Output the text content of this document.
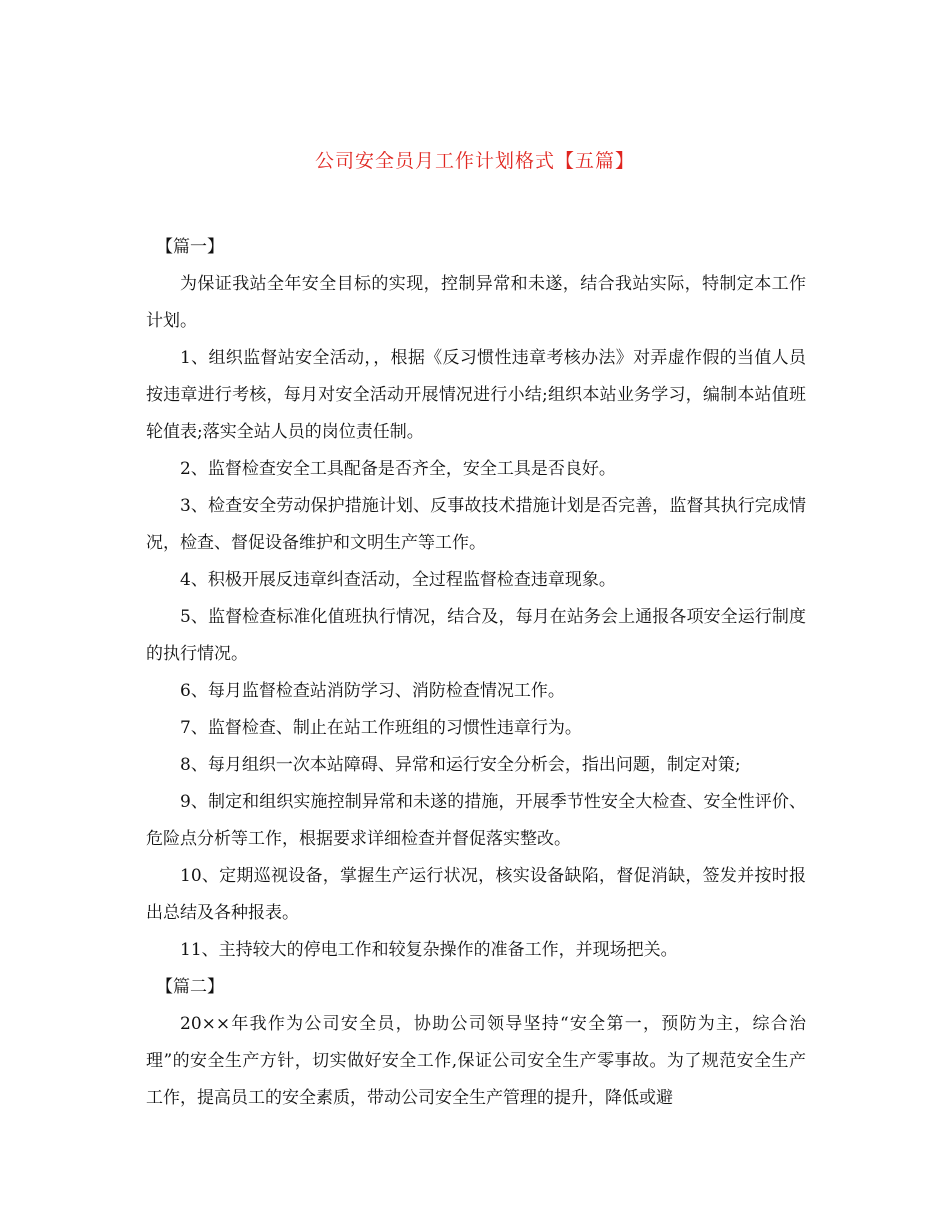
公司安全员月工作计划格式【五篇】

【篇一】

为保证我站全年安全目标的实现，控制异常和未遂，结合我站实际，特制定本工作计划。

1、组织监督站安全活动，，根据《反习惯性违章考核办法》对弄虚作假的当值人员按违章进行考核，每月对安全活动开展情况进行小结;组织本站业务学习，编制本站值班轮值表;落实全站人员的岗位责任制。

2、监督检查安全工具配备是否齐全，安全工具是否良好。

3、检查安全劳动保护措施计划、反事故技术措施计划是否完善，监督其执行完成情况，检查、督促设备维护和文明生产等工作。

4、积极开展反违章纠查活动，全过程监督检查违章现象。

5、监督检查标准化值班执行情况，结合及，每月在站务会上通报各项安全运行制度的执行情况。

6、每月监督检查站消防学习、消防检查情况工作。

7、监督检查、制止在站工作班组的习惯性违章行为。

8、每月组织一次本站障碍、异常和运行安全分析会，指出问题，制定对策;

9、制定和组织实施控制异常和未遂的措施，开展季节性安全大检查、安全性评价、危险点分析等工作，根据要求详细检查并督促落实整改。

10、定期巡视设备，掌握生产运行状况，核实设备缺陷，督促消缺，签发并按时报出总结及各种报表。

11、主持较大的停电工作和较复杂操作的准备工作，并现场把关。

【篇二】

20××年我作为公司安全员，协助公司领导坚持“安全第一，预防为主，综合治理”的安全生产方针，切实做好安全工作,保证公司安全生产零事故。为了规范安全生产工作，提高员工的安全素质，带动公司安全生产管理的提升，降低或避
